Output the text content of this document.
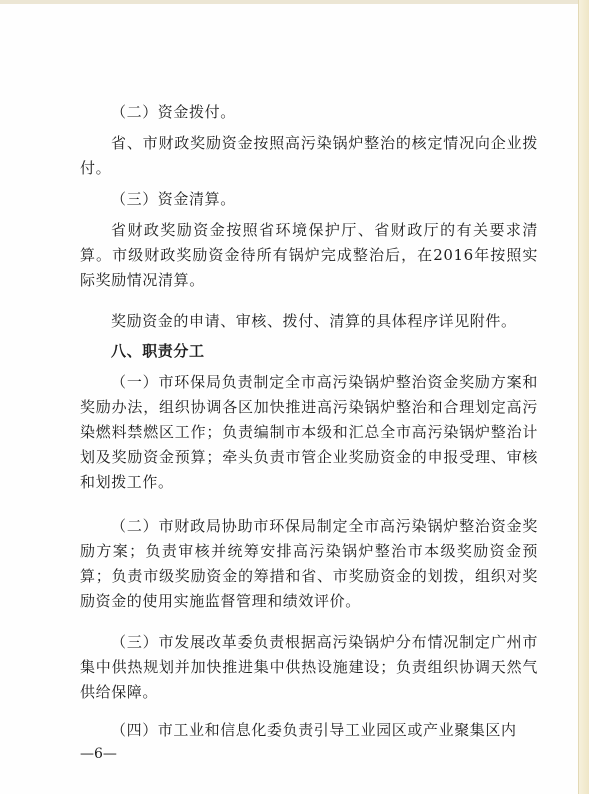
（二）资金拨付。

省、市财政奖励资金按照高污染锅炉整治的核定情况向企业拨付。

（三）资金清算。

省财政奖励资金按照省环境保护厅、省财政厅的有关要求清算。市级财政奖励资金待所有锅炉完成整治后，在2016年按照实际奖励情况清算。

奖励资金的申请、审核、拨付、清算的具体程序详见附件。

八、职责分工

（一）市环保局负责制定全市高污染锅炉整治资金奖励方案和奖励办法，组织协调各区加快推进高污染锅炉整治和合理划定高污染燃料禁燃区工作；负责编制市本级和汇总全市高污染锅炉整治计划及奖励资金预算；牵头负责市管企业奖励资金的申报受理、审核和划拨工作。

（二）市财政局协助市环保局制定全市高污染锅炉整治资金奖励方案；负责审核并统筹安排高污染锅炉整治市本级奖励资金预算；负责市级奖励资金的筹措和省、市奖励资金的划拨，组织对奖励资金的使用实施监督管理和绩效评价。

（三）市发展改革委负责根据高污染锅炉分布情况制定广州市集中供热规划并加快推进集中供热设施建设；负责组织协调天然气供给保障。

（四）市工业和信息化委负责引导工业园区或产业聚集区内

—6—
